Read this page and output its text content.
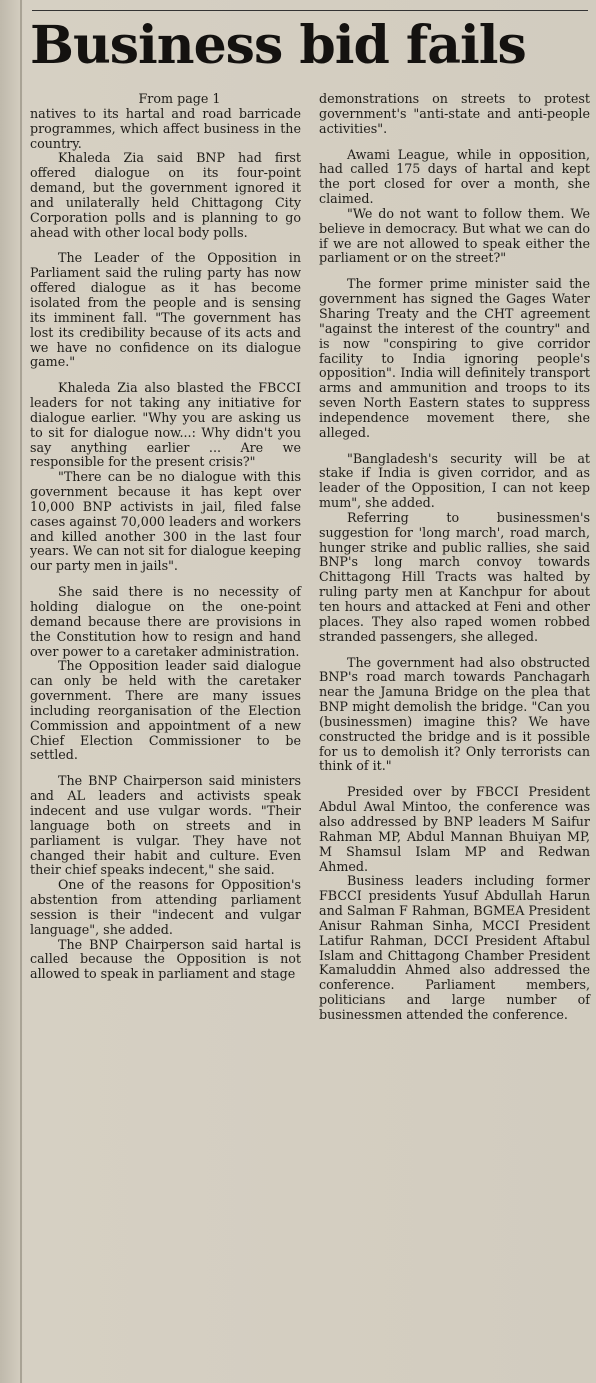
Business bid fails

From page 1

natives to its hartal and road barricade programmes, which affect business in the country.

Khaleda Zia said BNP had first offered dialogue on its four-point demand, but the government ignored it and unilaterally held Chittagong City Corporation polls and is planning to go ahead with other local body polls.

The Leader of the Opposition in Parliament said the ruling party has now offered dialogue as it has become isolated from the people and is sensing its imminent fall. "The government has lost its credibility because of its acts and we have no confidence on its dialogue game."

Khaleda Zia also blasted the FBCCI leaders for not taking any initiative for dialogue earlier. "Why you are asking us to sit for dialogue now...: Why didn't you say anything earlier ... Are we responsible for the present crisis?"

"There can be no dialogue with this government because it has kept over 10,000 BNP activists in jail, filed false cases against 70,000 leaders and workers and killed another 300 in the last four years. We can not sit for dialogue keeping our party men in jails".

She said there is no necessity of holding dialogue on the one-point demand because there are provisions in the Constitution how to resign and hand over power to a caretaker administration.

The Opposition leader said dialogue can only be held with the caretaker government. There are many issues including reorganisation of the Election Commission and appointment of a new Chief Election Commissioner to be settled.

The BNP Chairperson said ministers and AL leaders and activists speak indecent and use vulgar words. "Their language both on streets and in parliament is vulgar. They have not changed their habit and culture. Even their chief speaks indecent," she said.

One of the reasons for Opposition's abstention from attending parliament session is their "indecent and vulgar language", she added.

The BNP Chairperson said hartal is called because the Opposition is not allowed to speak in parliament and stage

demonstrations on streets to protest government's "anti-state and anti-people activities".

Awami League, while in opposition, had called 175 days of hartal and kept the port closed for over a month, she claimed.

"We do not want to follow them. We believe in democracy. But what we can do if we are not allowed to speak either the parliament or on the street?"

The former prime minister said the government has signed the Gages Water Sharing Treaty and the CHT agreement "against the interest of the country" and is now "conspiring to give corridor facility to India ignoring people's opposition". India will definitely transport arms and ammunition and troops to its seven North Eastern states to suppress independence movement there, she alleged.

"Bangladesh's security will be at stake if India is given corridor, and as leader of the Opposition, I can not keep mum", she added.

Referring to businessmen's suggestion for 'long march', road march, hunger strike and public rallies, she said BNP's long march convoy towards Chittagong Hill Tracts was halted by ruling party men at Kanchpur for about ten hours and attacked at Feni and other places. They also raped women robbed stranded passengers, she alleged.

The government had also obstructed BNP's road march towards Panchagarh near the Jamuna Bridge on the plea that BNP might demolish the bridge. "Can you (businessmen) imagine this? We have constructed the bridge and is it possible for us to demolish it? Only terrorists can think of it."

Presided over by FBCCI President Abdul Awal Mintoo, the conference was also addressed by BNP leaders M Saifur Rahman MP, Abdul Mannan Bhuiyan MP, M Shamsul Islam MP and Redwan Ahmed.

Business leaders including former FBCCI presidents Yusuf Abdullah Harun and Salman F Rahman, BGMEA President Anisur Rahman Sinha, MCCI President Latifur Rahman, DCCI President Aftabul Islam and Chittagong Chamber President Kamaluddin Ahmed also addressed the conference. Parliament members, politicians and large number of businessmen attended the conference.
